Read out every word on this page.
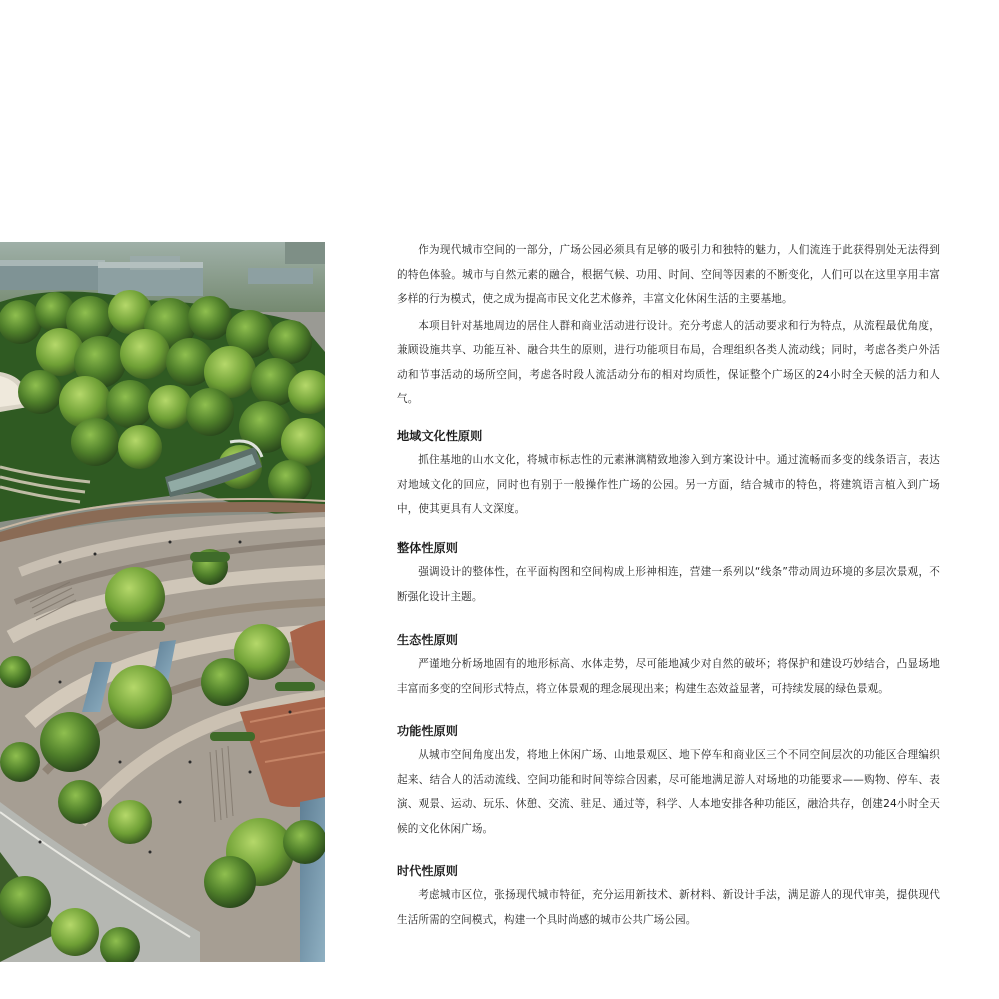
作为现代城市空间的一部分，广场公园必须具有足够的吸引力和独特的魅力，人们流连于此获得别处无法得到的特色体验。城市与自然元素的融合，根据气候、功用、时间、空间等因素的不断变化，人们可以在这里享用丰富多样的行为模式，使之成为提高市民文化艺术修养，丰富文化休闲生活的主要基地。

本项目针对基地周边的居住人群和商业活动进行设计。充分考虑人的活动要求和行为特点，从流程最优角度，兼顾设施共享、功能互补、融合共生的原则，进行功能项目布局，合理组织各类人流动线；同时，考虑各类户外活动和节事活动的场所空间，考虑各时段人流活动分布的相对均质性，保证整个广场区的24小时全天候的活力和人气。

地域文化性原则

抓住基地的山水文化，将城市标志性的元素淋漓精致地渗入到方案设计中。通过流畅而多变的线条语言，表达对地域文化的回应，同时也有别于一般操作性广场的公园。另一方面，结合城市的特色，将建筑语言植入到广场中，使其更具有人文深度。

整体性原则

强调设计的整体性，在平面构图和空间构成上形神相连，营建一系列以“线条”带动周边环境的多层次景观，不断强化设计主题。

生态性原则

严谨地分析场地固有的地形标高、水体走势，尽可能地减少对自然的破坏；将保护和建设巧妙结合，凸显场地丰富而多变的空间形式特点，将立体景观的理念展现出来；构建生态效益显著，可持续发展的绿色景观。

功能性原则

从城市空间角度出发，将地上休闲广场、山地景观区、地下停车和商业区三个不同空间层次的功能区合理编织起来、结合人的活动流线、空间功能和时间等综合因素，尽可能地满足游人对场地的功能要求——购物、停车、表演、观景、运动、玩乐、休憩、交流、驻足、通过等，科学、人本地安排各种功能区，融洽共存，创建24小时全天候的文化休闲广场。

时代性原则

考虑城市区位，张扬现代城市特征，充分运用新技术、新材料、新设计手法，满足游人的现代审美，提供现代生活所需的空间模式，构建一个具时尚感的城市公共广场公园。
